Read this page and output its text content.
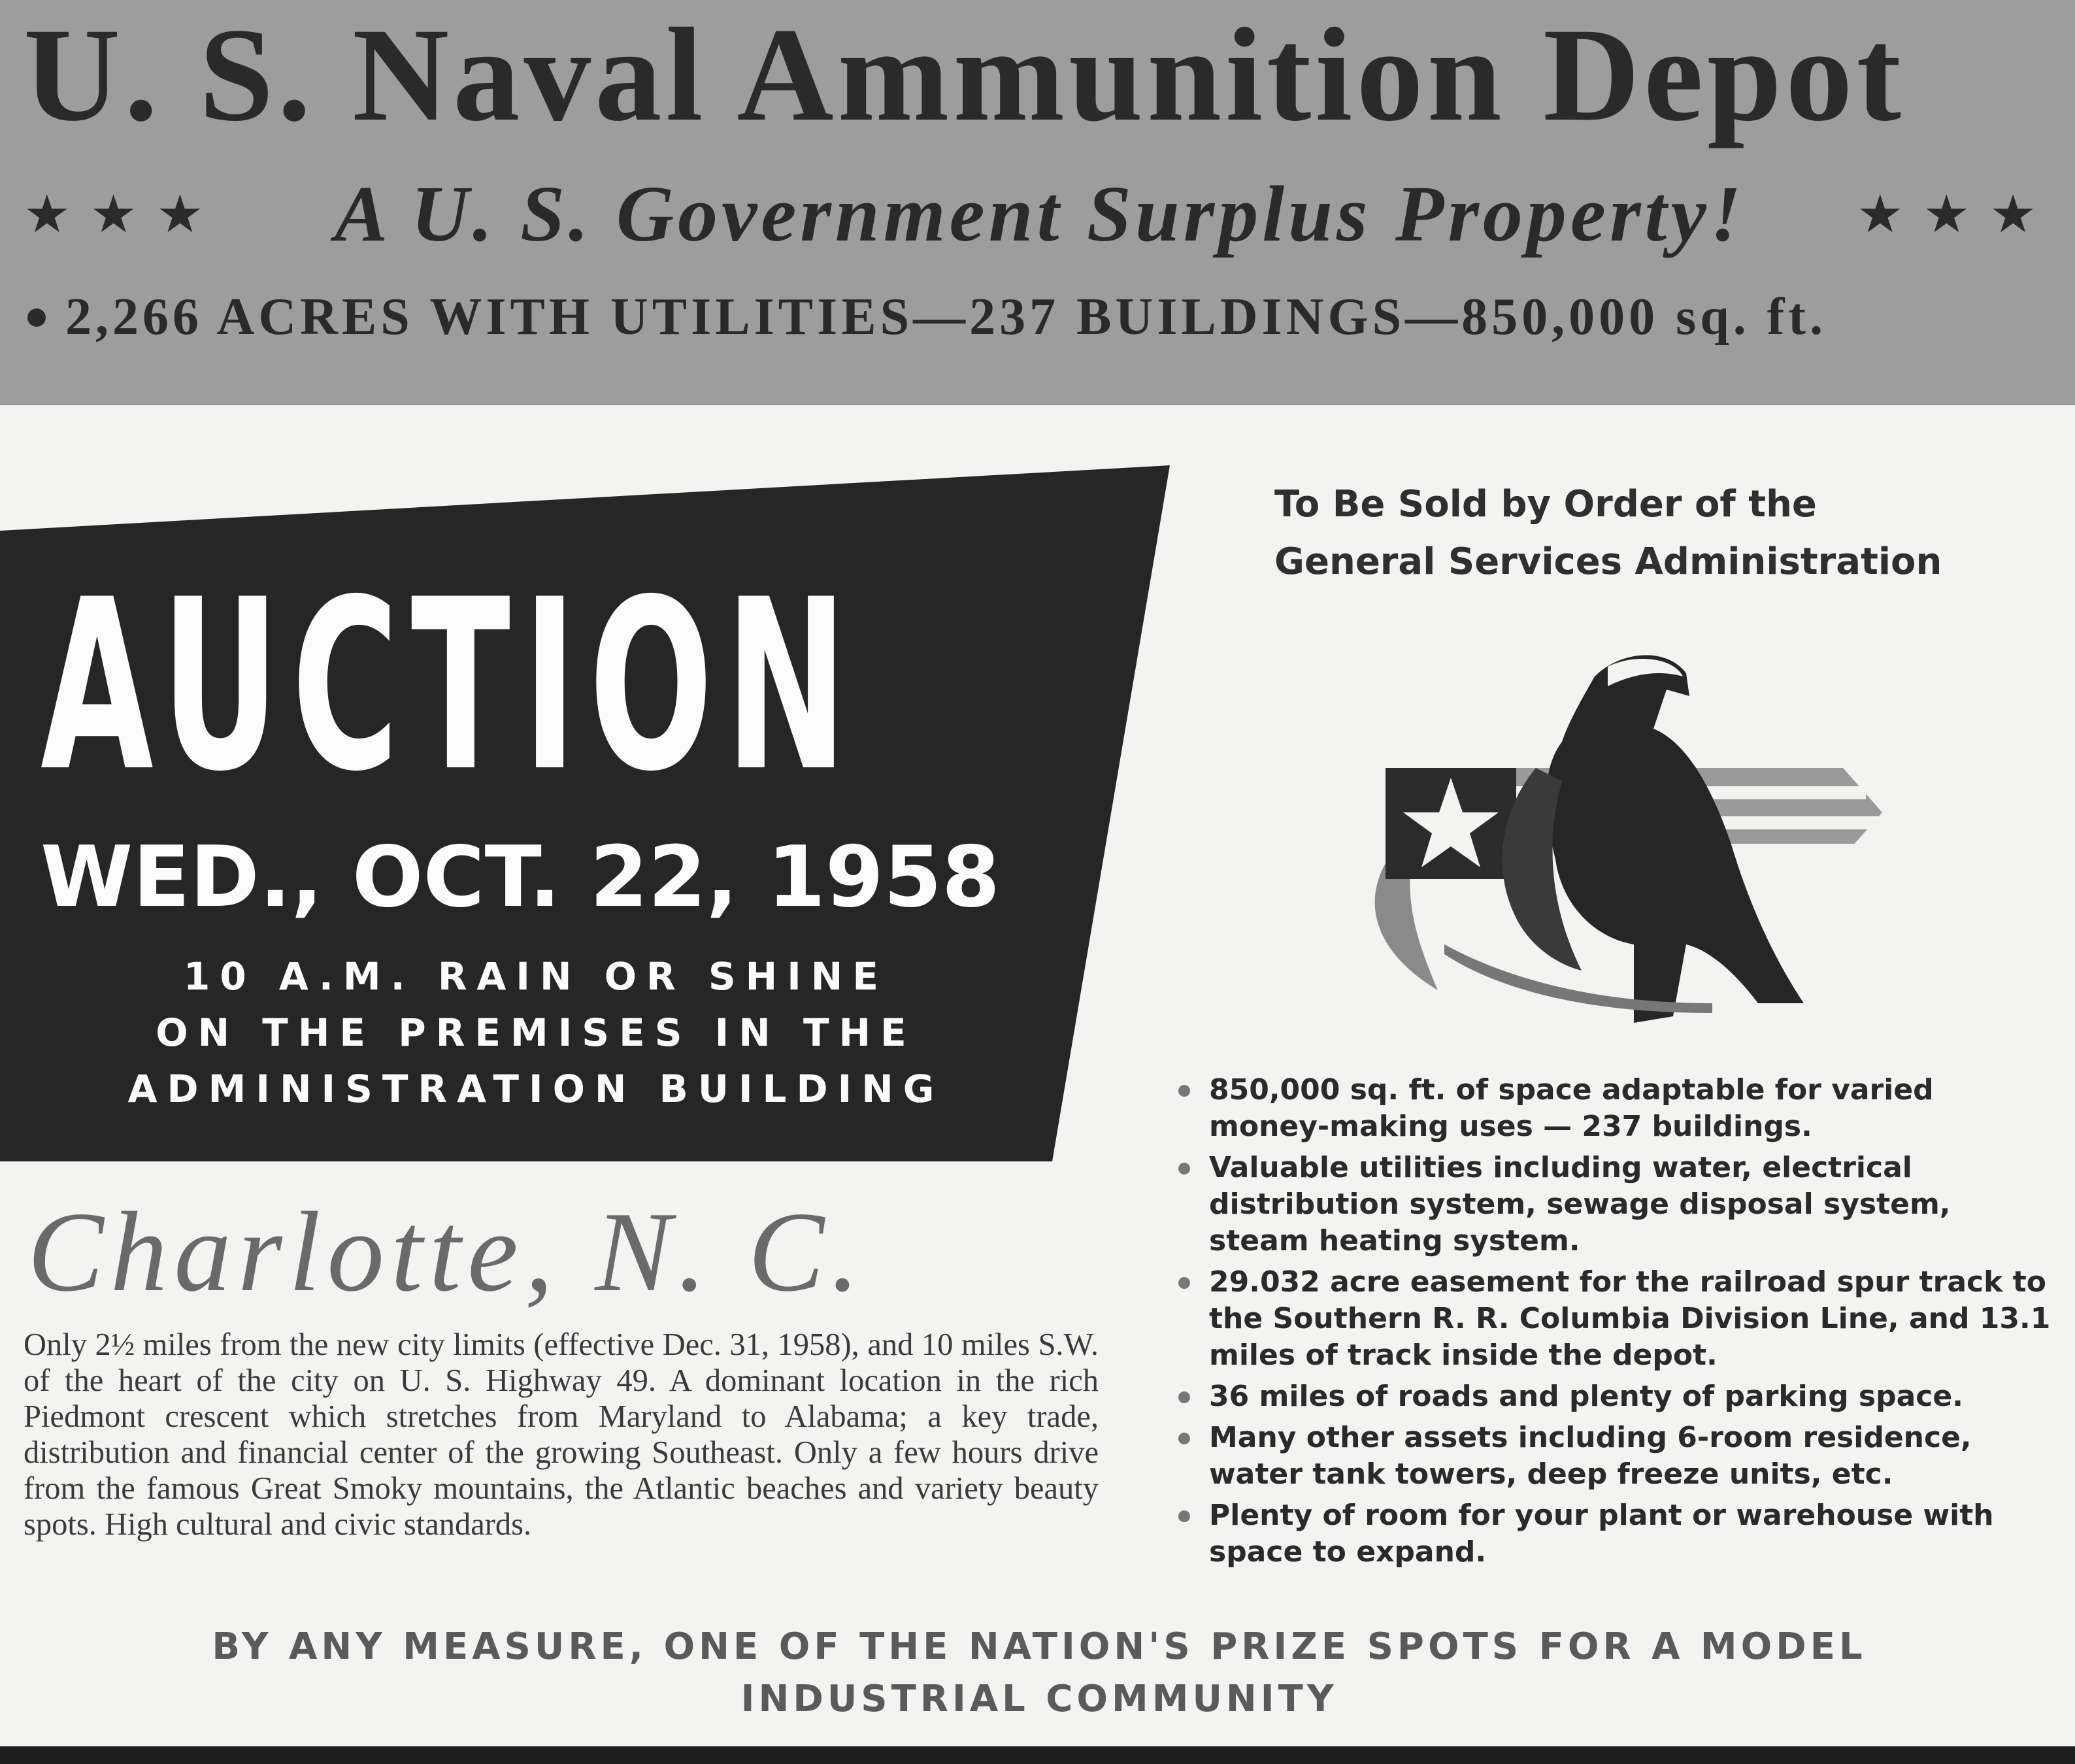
U. S. Naval Ammunition Depot
★★★ A U. S. Government Surplus Property! ★★★
2,266 ACRES WITH UTILITIES—237 BUILDINGS—850,000 sq. ft.
AUCTION
WED., OCT. 22, 1958
10 A.M. RAIN OR SHINE
ON THE PREMISES IN THE
ADMINISTRATION BUILDING
To Be Sold by Order of the
General Services Administration
850,000 sq. ft. of space adaptable for varied money-making uses — 237 buildings.
Valuable utilities including water, electrical distribution system, sewage disposal system, steam heating system.
29.032 acre easement for the railroad spur track to the Southern R. R. Columbia Division Line, and 13.1 miles of track inside the depot.
36 miles of roads and plenty of parking space.
Many other assets including 6-room residence, water tank towers, deep freeze units, etc.
Plenty of room for your plant or warehouse with space to expand.
Charlotte, N. C.

Only 2½ miles from the new city limits (effective Dec. 31, 1958), and 10 miles S.W. of the heart of the city on U. S. Highway 49. A dominant location in the rich Piedmont crescent which stretches from Maryland to Alabama; a key trade, distribution and financial center of the growing Southeast. Only a few hours drive from the famous Great Smoky mountains, the Atlantic beaches and variety beauty spots. High cultural and civic standards.

BY ANY MEASURE, ONE OF THE NATION'S PRIZE SPOTS FOR A MODEL INDUSTRIAL COMMUNITY
